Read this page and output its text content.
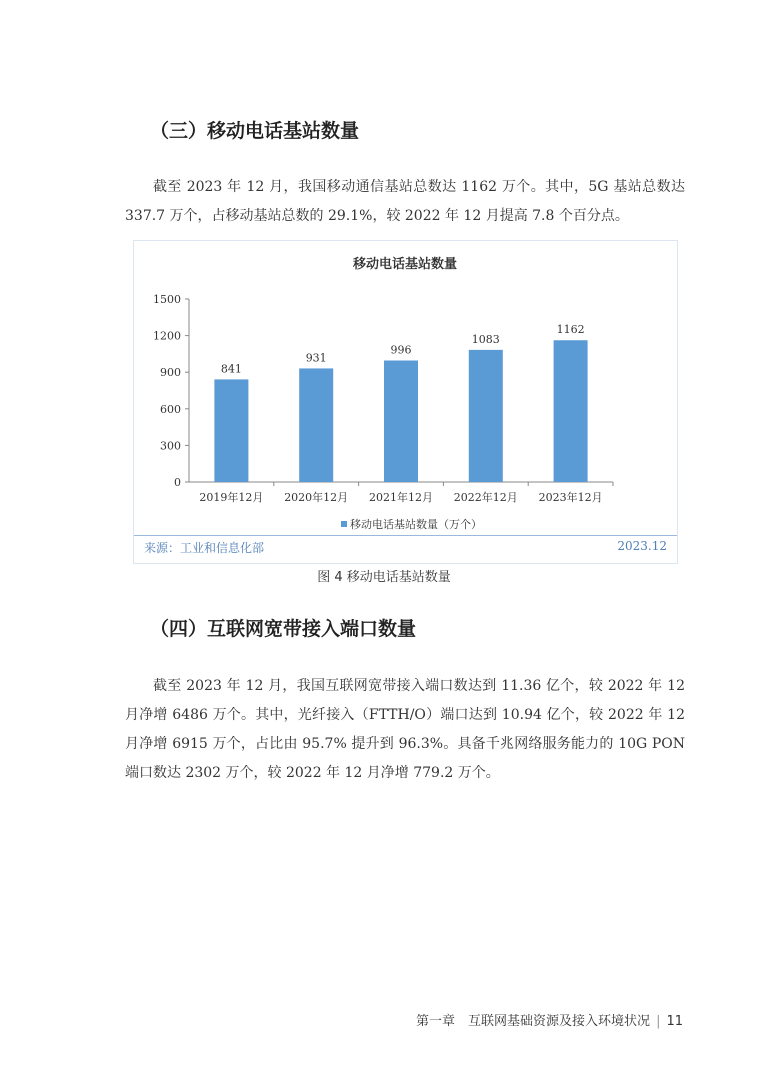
（三）移动电话基站数量
截至 2023 年 12 月，我国移动通信基站总数达 1162 万个。其中，5G 基站总数达 337.7 万个，占移动基站总数的 29.1%，较 2022 年 12 月提高 7.8 个百分点。
移动电话基站数量
0
300
600
900
1200
1500
841
2019年12月
931
2020年12月
996
2021年12月
1083
2022年12月
1162
2023年12月
移动电话基站数量（万个）
来源：工业和信息化部	2023.12
图 4 移动电话基站数量
（四）互联网宽带接入端口数量
截至 2023 年 12 月，我国互联网宽带接入端口数达到 11.36 亿个，较 2022 年 12 月净增 6486 万个。其中，光纤接入（FTTH/O）端口达到 10.94 亿个，较 2022 年 12 月净增 6915 万个，占比由 95.7% 提升到 96.3%。具备千兆网络服务能力的 10G PON 端口数达 2302 万个，较 2022 年 12 月净增 779.2 万个。
第一章　互联网基础资源及接入环境状况 | 11
